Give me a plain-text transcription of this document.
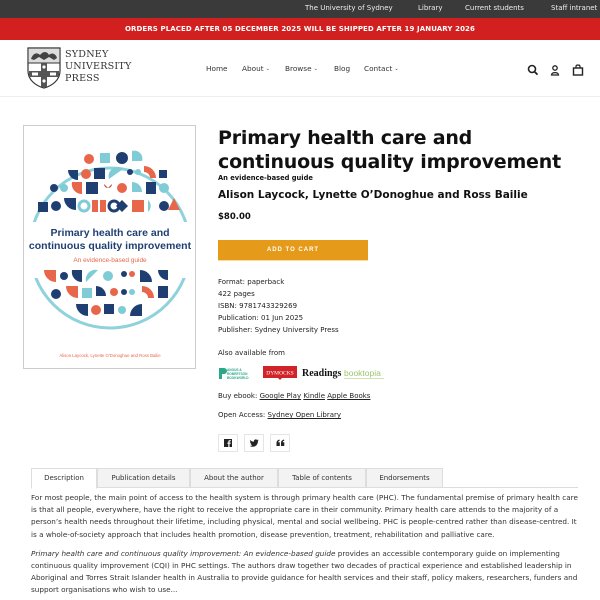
The University of Sydney	Library	Current students	Staff intranet
ORDERS PLACED AFTER 05 DECEMBER 2025 WILL BE SHIPPED AFTER 19 JANUARY 2026
SYDNEY
UNIVERSITY
PRESS
Home About ⌄ Browse ⌄ Blog Contact ⌄
Primary health care and
continuous quality improvement
An evidence-based guide
Alison Laycock, Lynette O'Donoghue and Ross Bailie
Primary health care and continuous quality improvement
An evidence-based guide
Alison Laycock, Lynette O’Donoghue and Ross Bailie
$80.00
ADD TO CART
Format: paperback
422 pages
ISBN: 9781743329269
Publication: 01 Jun 2025
Publisher: Sydney University Press
Also available from
ANGUS &
ROBERTSON
BOOKWORLD
DYMOCKS Readings booktopia
Buy ebook: Google Play Kindle Apple Books
Open Access: Sydney Open Library
Description	Publication details	About the author	Table of contents	Endorsements

For most people, the main point of access to the health system is through primary health care (PHC). The fundamental premise of primary health care is that all people, everywhere, have the right to receive the appropriate care in their community. Primary health care attends to the majority of a person’s health needs throughout their lifetime, including physical, mental and social wellbeing. PHC is people-centred rather than disease-centred. It is a whole-of-society approach that includes health promotion, disease prevention, treatment, rehabilitation and palliative care.

Primary health care and continuous quality improvement: An evidence-based guide provides an accessible contemporary guide on implementing continuous quality improvement (CQI) in PHC settings. The authors draw together two decades of practical experience and established leadership in Aboriginal and Torres Strait Islander health in Australia to provide guidance for health services and their staff, policy makers, researchers, funders and support organisations who wish to use...
